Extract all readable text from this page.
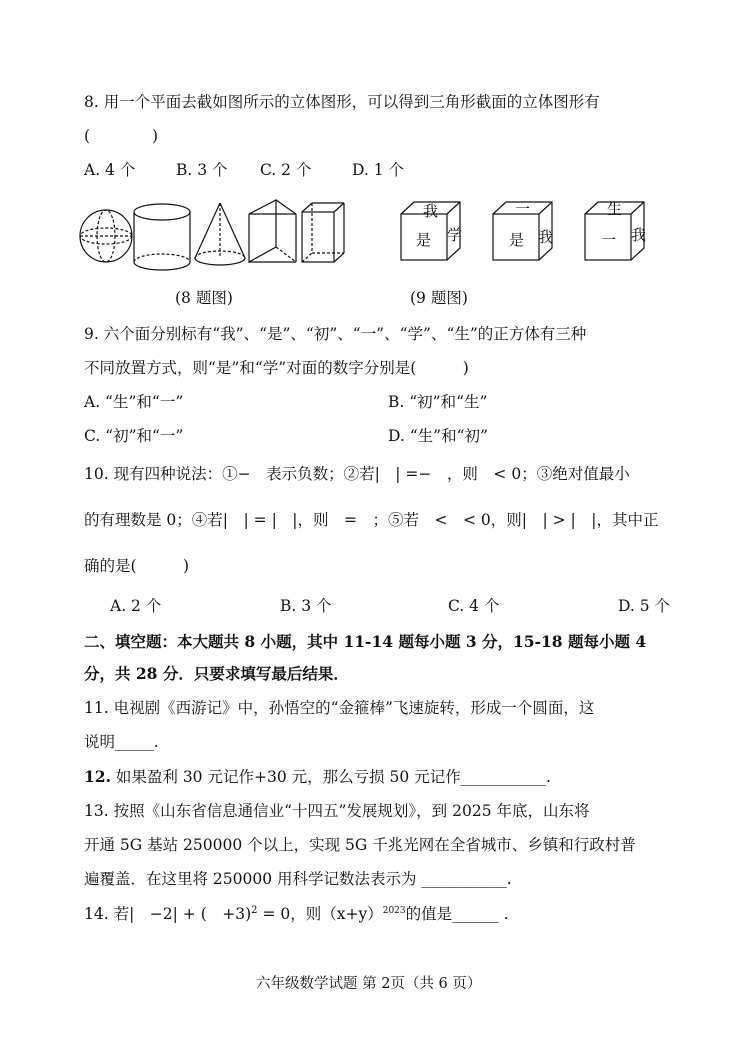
8. 用一个平面去截如图所示的立体图形，可以得到三角形截面的立体图形有
(　　　　)
A. 4 个	B. 3 个 C. 2 个	D. 1 个
我
是 学
一
是 我
生
一 我
(8 题图)	(9 题图)
9. 六个面分别标有“我”、“是”、“初”、“一”、“学”、“生”的正方体有三种
不同放置方式，则“是”和“学”对面的数字分别是(　　　)
A. “生”和“一”	B. “初”和“生”
C. “初”和“一”	D. “生”和“初”
10. 现有四种说法：①−　表示负数；②若|　| =−　，则　< 0；③绝对值最小
的有理数是 0；④若|　| = |　|，则　=　；⑤若　<　< 0，则|　| > |　|，其中正
确的是(　　　)
A. 2 个	B. 3 个	C. 4 个	D. 5 个
二、填空题：本大题共 8 小题，其中 11-14 题每小题 3 分，15-18 题每小题 4
分，共 28 分．只要求填写最后结果．
11. 电视剧《西游记》中，孙悟空的“金箍棒”飞速旋转，形成一个圆面，这
说明_____.
12. 如果盈利 30 元记作+30 元，那么亏损 50 元记作___________.
13. 按照《山东省信息通信业“十四五”发展规划》，到 2025 年底，山东将
开通 5G 基站 250000 个以上，实现 5G 千兆光网在全省城市、乡镇和行政村普
遍覆盖．在这里将 250000 用科学记数法表示为 ___________.
14. 若|　−2| + (　+3)$^2$ = 0，则$(x+y)^{2023}$的值是______ .
六年级数学试题 第 2页（共 6 页）
